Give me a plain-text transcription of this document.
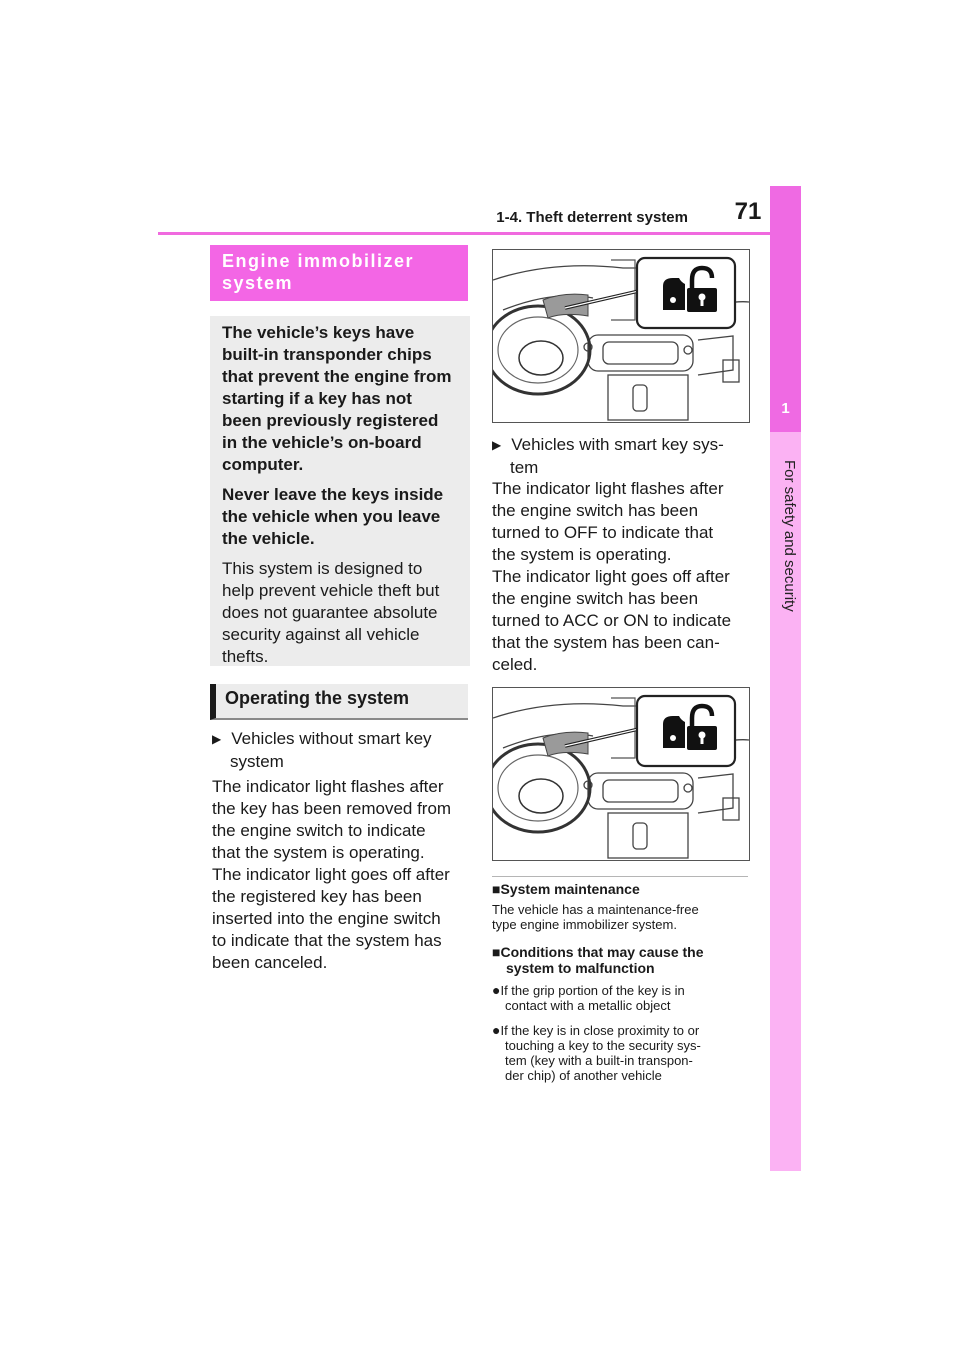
1-4. Theft deterrent system 71
1
For safety and security
Engine immobilizer
system

The vehicle’s keys have
built-in transponder chips
that prevent the engine from
starting if a key has not
been previously registered
in the vehicle’s on-board
computer.

Never leave the keys inside
the vehicle when you leave
the vehicle.

This system is designed to
help prevent vehicle theft but
does not guarantee absolute
security against all vehicle
thefts.

Operating the system
▶ Vehicles without smart key
system
The indicator light flashes after
the key has been removed from
the engine switch to indicate
that the system is operating.
The indicator light goes off after
the registered key has been
inserted into the engine switch
to indicate that the system has
been canceled.
▶ Vehicles with smart key sys-
tem
The indicator light flashes after
the engine switch has been
turned to OFF to indicate that
the system is operating.
The indicator light goes off after
the engine switch has been
turned to ACC or ON to indicate
that the system has been can-
celed.
■System maintenance
The vehicle has a maintenance-free
type engine immobilizer system.
■Conditions that may cause the
system to malfunction
●If the grip portion of the key is in
contact with a metallic object
●If the key is in close proximity to or
touching a key to the security sys-
tem (key with a built-in transpon-
der chip) of another vehicle
